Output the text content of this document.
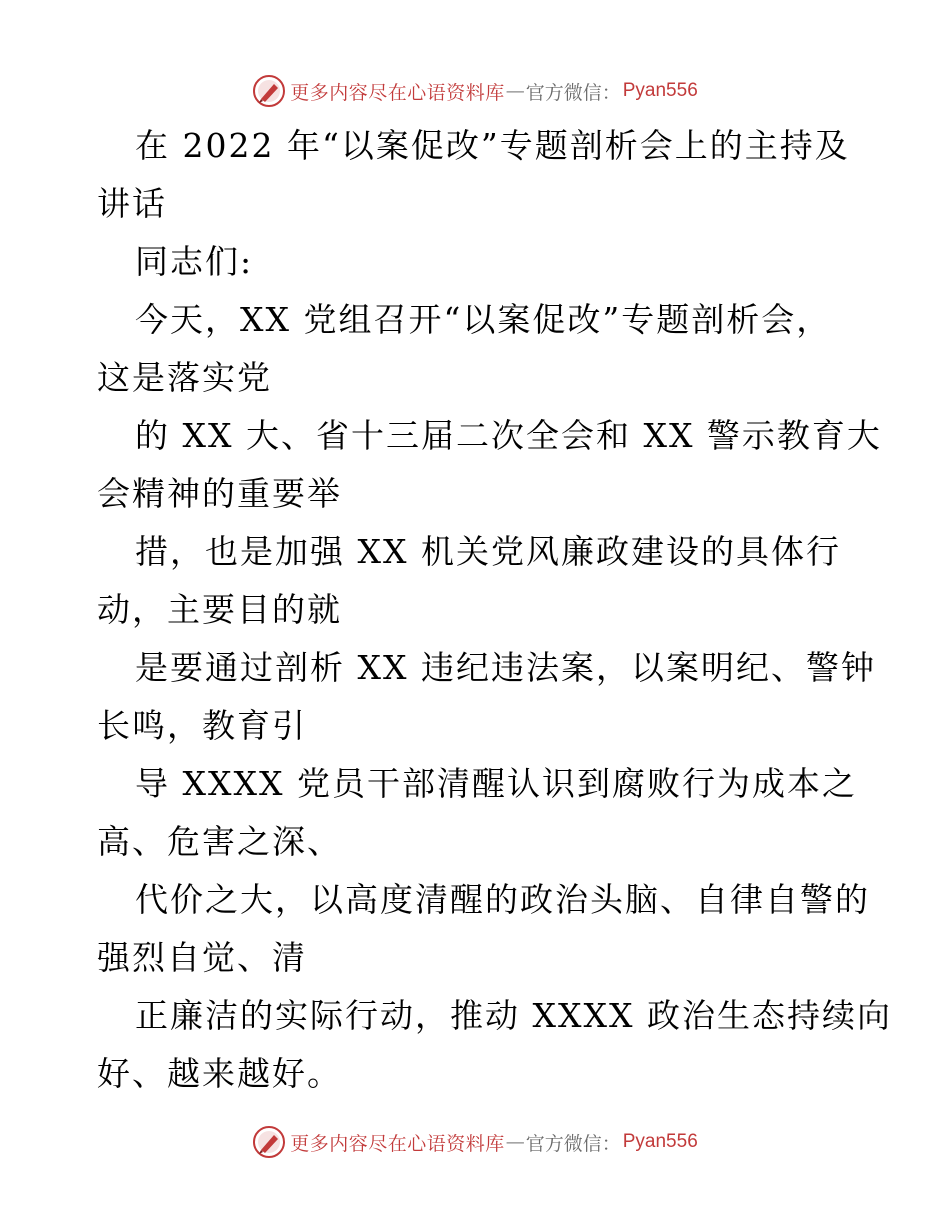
更多内容尽在心语资料库 — 官方微信： Pyan556
在 2022 年“以案促改”专题剖析会上的主持及
讲话
同志们:
今天，XX 党组召开“以案促改”专题剖析会，
这是落实党
的 XX 大、省十三届二次全会和 XX 警示教育大
会精神的重要举
措，也是加强 XX 机关党风廉政建设的具体行
动，主要目的就
是要通过剖析 XX 违纪违法案，以案明纪、警钟
长鸣，教育引
导 XXXX 党员干部清醒认识到腐败行为成本之
高、危害之深、
代价之大，以高度清醒的政治头脑、自律自警的
强烈自觉、清
正廉洁的实际行动，推动 XXXX 政治生态持续向
好、越来越好。
更多内容尽在心语资料库 — 官方微信： Pyan556
